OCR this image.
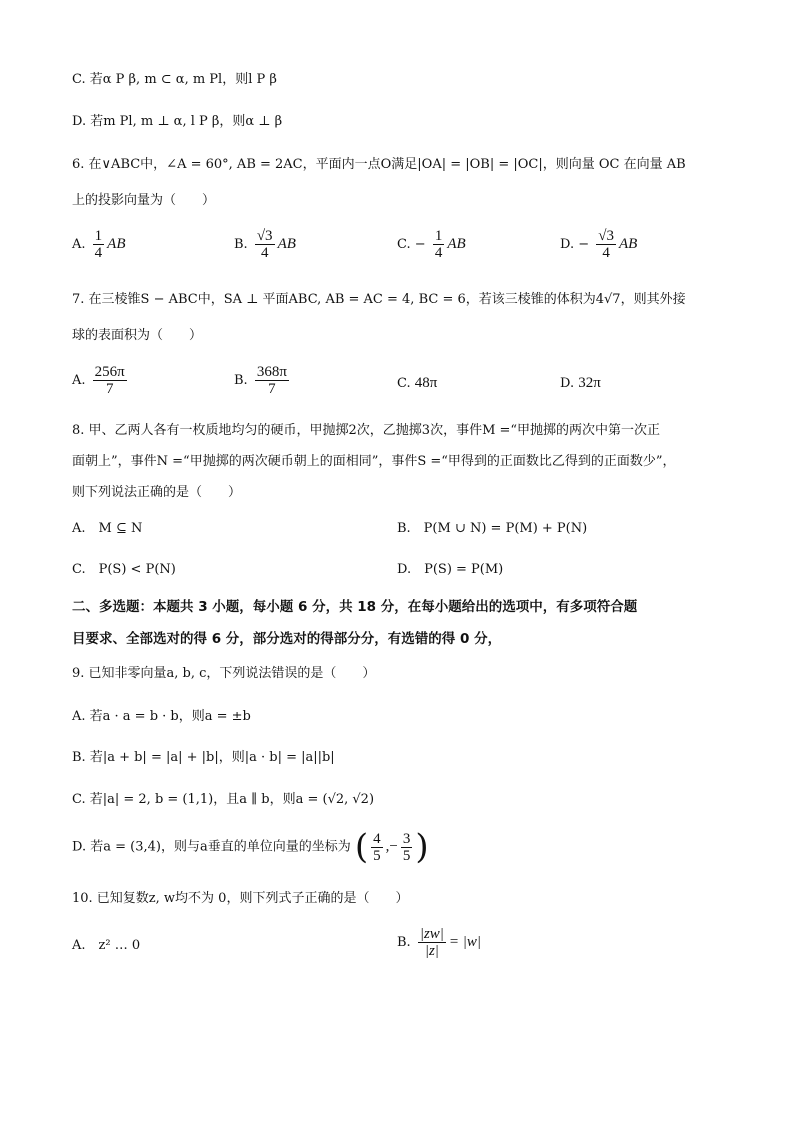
C. 若α P β, m ⊂ α, m Pl，则l P β
D. 若m Pl, m ⊥ α, l P β，则α ⊥ β
6. 在∨ABC中，∠A = 60°, AB = 2AC，平面内一点O满足|OA| = |OB| = |OC|，则向量 OC 在向量 AB
上的投影向量为（　　）
A. $\frac{1}{4}$ AB	B. $\frac{√3}{4}$ AB	C. − $\frac{1}{4}$ AB	D. − $\frac{√3}{4}$ AB
7. 在三棱锥S − ABC中，SA ⊥ 平面ABC, AB = AC = 4, BC = 6，若该三棱锥的体积为4√7，则其外接
球的表面积为（　　）
A. $\frac{256\pi}{7}$	B. $\frac{368\pi}{7}$	C. 48π	D. 32π
8. 甲、乙两人各有一枚质地均匀的硬币，甲抛掷2次，乙抛掷3次，事件M =“甲抛掷的两次中第一次正
面朝上”，事件N =“甲抛掷的两次硬币朝上的面相同”，事件S =“甲得到的正面数比乙得到的正面数少”，
则下列说法正确的是（　　）
A.　M ⊆ N	B.　P(M ∪ N) = P(M) + P(N)
C.　P(S) < P(N)	D.　P(S) = P(M)
二、多选题：本题共 3 小题，每小题 6 分，共 18 分，在每小题给出的选项中，有多项符合题
目要求、全部选对的得 6 分，部分选对的得部分分，有选错的得 0 分，
9. 已知非零向量a, b, c，下列说法错误的是（　　）
A. 若a · a = b · b，则a = ±b
B. 若|a + b| = |a| + |b|，则|a · b| = |a||b|
C. 若|a| = 2, b = (1,1)，且a ∥ b，则a = (√2, √2)
D. 若a = (3,4)，则与a垂直的单位向量的坐标为 ( $\frac{4}{5}$ ,− $\frac{3}{5}$ )
10. 已知复数z, w均不为 0，则下列式子正确的是（　　）
A.　z² … 0	B. $\frac{|zw|}{|z|} = |w|$
